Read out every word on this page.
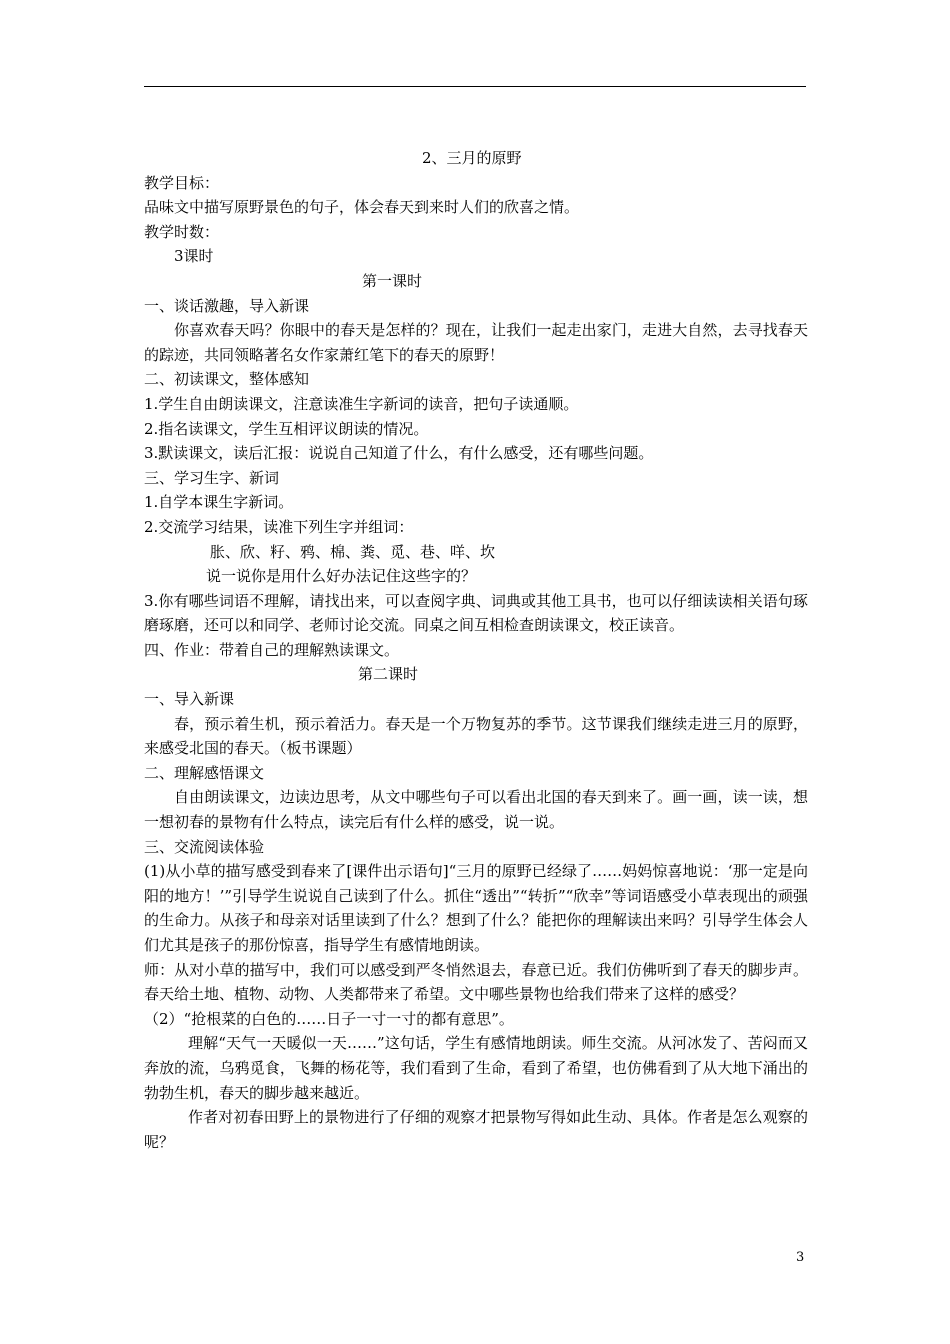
2、三月的原野

教学目标：

品味文中描写原野景色的句子，体会春天到来时人们的欣喜之情。

教学时数：

3课时

第一课时

一、谈话激趣，导入新课

你喜欢春天吗？你眼中的春天是怎样的？现在，让我们一起走出家门，走进大自然，去寻找春天的踪迹，共同领略著名女作家萧红笔下的春天的原野！

二、初读课文，整体感知

1.学生自由朗读课文，注意读准生字新词的读音，把句子读通顺。

2.指名读课文，学生互相评议朗读的情况。

3.默读课文，读后汇报：说说自己知道了什么，有什么感受，还有哪些问题。

三、学习生字、新词

1.自学本课生字新词。

2.交流学习结果，读准下列生字并组词：

胀、欣、籽、鸦、棉、粪、觅、巷、咩、坎

说一说你是用什么好办法记住这些字的？

3.你有哪些词语不理解，请找出来，可以查阅字典、词典或其他工具书，也可以仔细读读相关语句琢磨琢磨，还可以和同学、老师讨论交流。同桌之间互相检查朗读课文，校正读音。

四、作业：带着自己的理解熟读课文。

第二课时

一、导入新课

春，预示着生机，预示着活力。春天是一个万物复苏的季节。这节课我们继续走进三月的原野，来感受北国的春天。（板书课题）

二、理解感悟课文

自由朗读课文，边读边思考，从文中哪些句子可以看出北国的春天到来了。画一画，读一读，想一想初春的景物有什么特点，读完后有什么样的感受，说一说。

三、交流阅读体验

(1)从小草的描写感受到春来了[课件出示语句]“三月的原野已经绿了……妈妈惊喜地说：‘那一定是向阳的地方！’”引导学生说说自己读到了什么。抓住“透出”“转折”“欣幸”等词语感受小草表现出的顽强的生命力。从孩子和母亲对话里读到了什么？想到了什么？能把你的理解读出来吗？引导学生体会人们尤其是孩子的那份惊喜，指导学生有感情地朗读。

师：从对小草的描写中，我们可以感受到严冬悄然退去，春意已近。我们仿佛听到了春天的脚步声。春天给土地、植物、动物、人类都带来了希望。文中哪些景物也给我们带来了这样的感受？

（2）“抢根菜的白色的……日子一寸一寸的都有意思”。

理解“天气一天暖似一天……”这句话，学生有感情地朗读。师生交流。从河冰发了、苦闷而又奔放的流，乌鸦觅食，飞舞的杨花等，我们看到了生命，看到了希望，也仿佛看到了从大地下涌出的勃勃生机，春天的脚步越来越近。

作者对初春田野上的景物进行了仔细的观察才把景物写得如此生动、具体。作者是怎么观察的呢？

3
